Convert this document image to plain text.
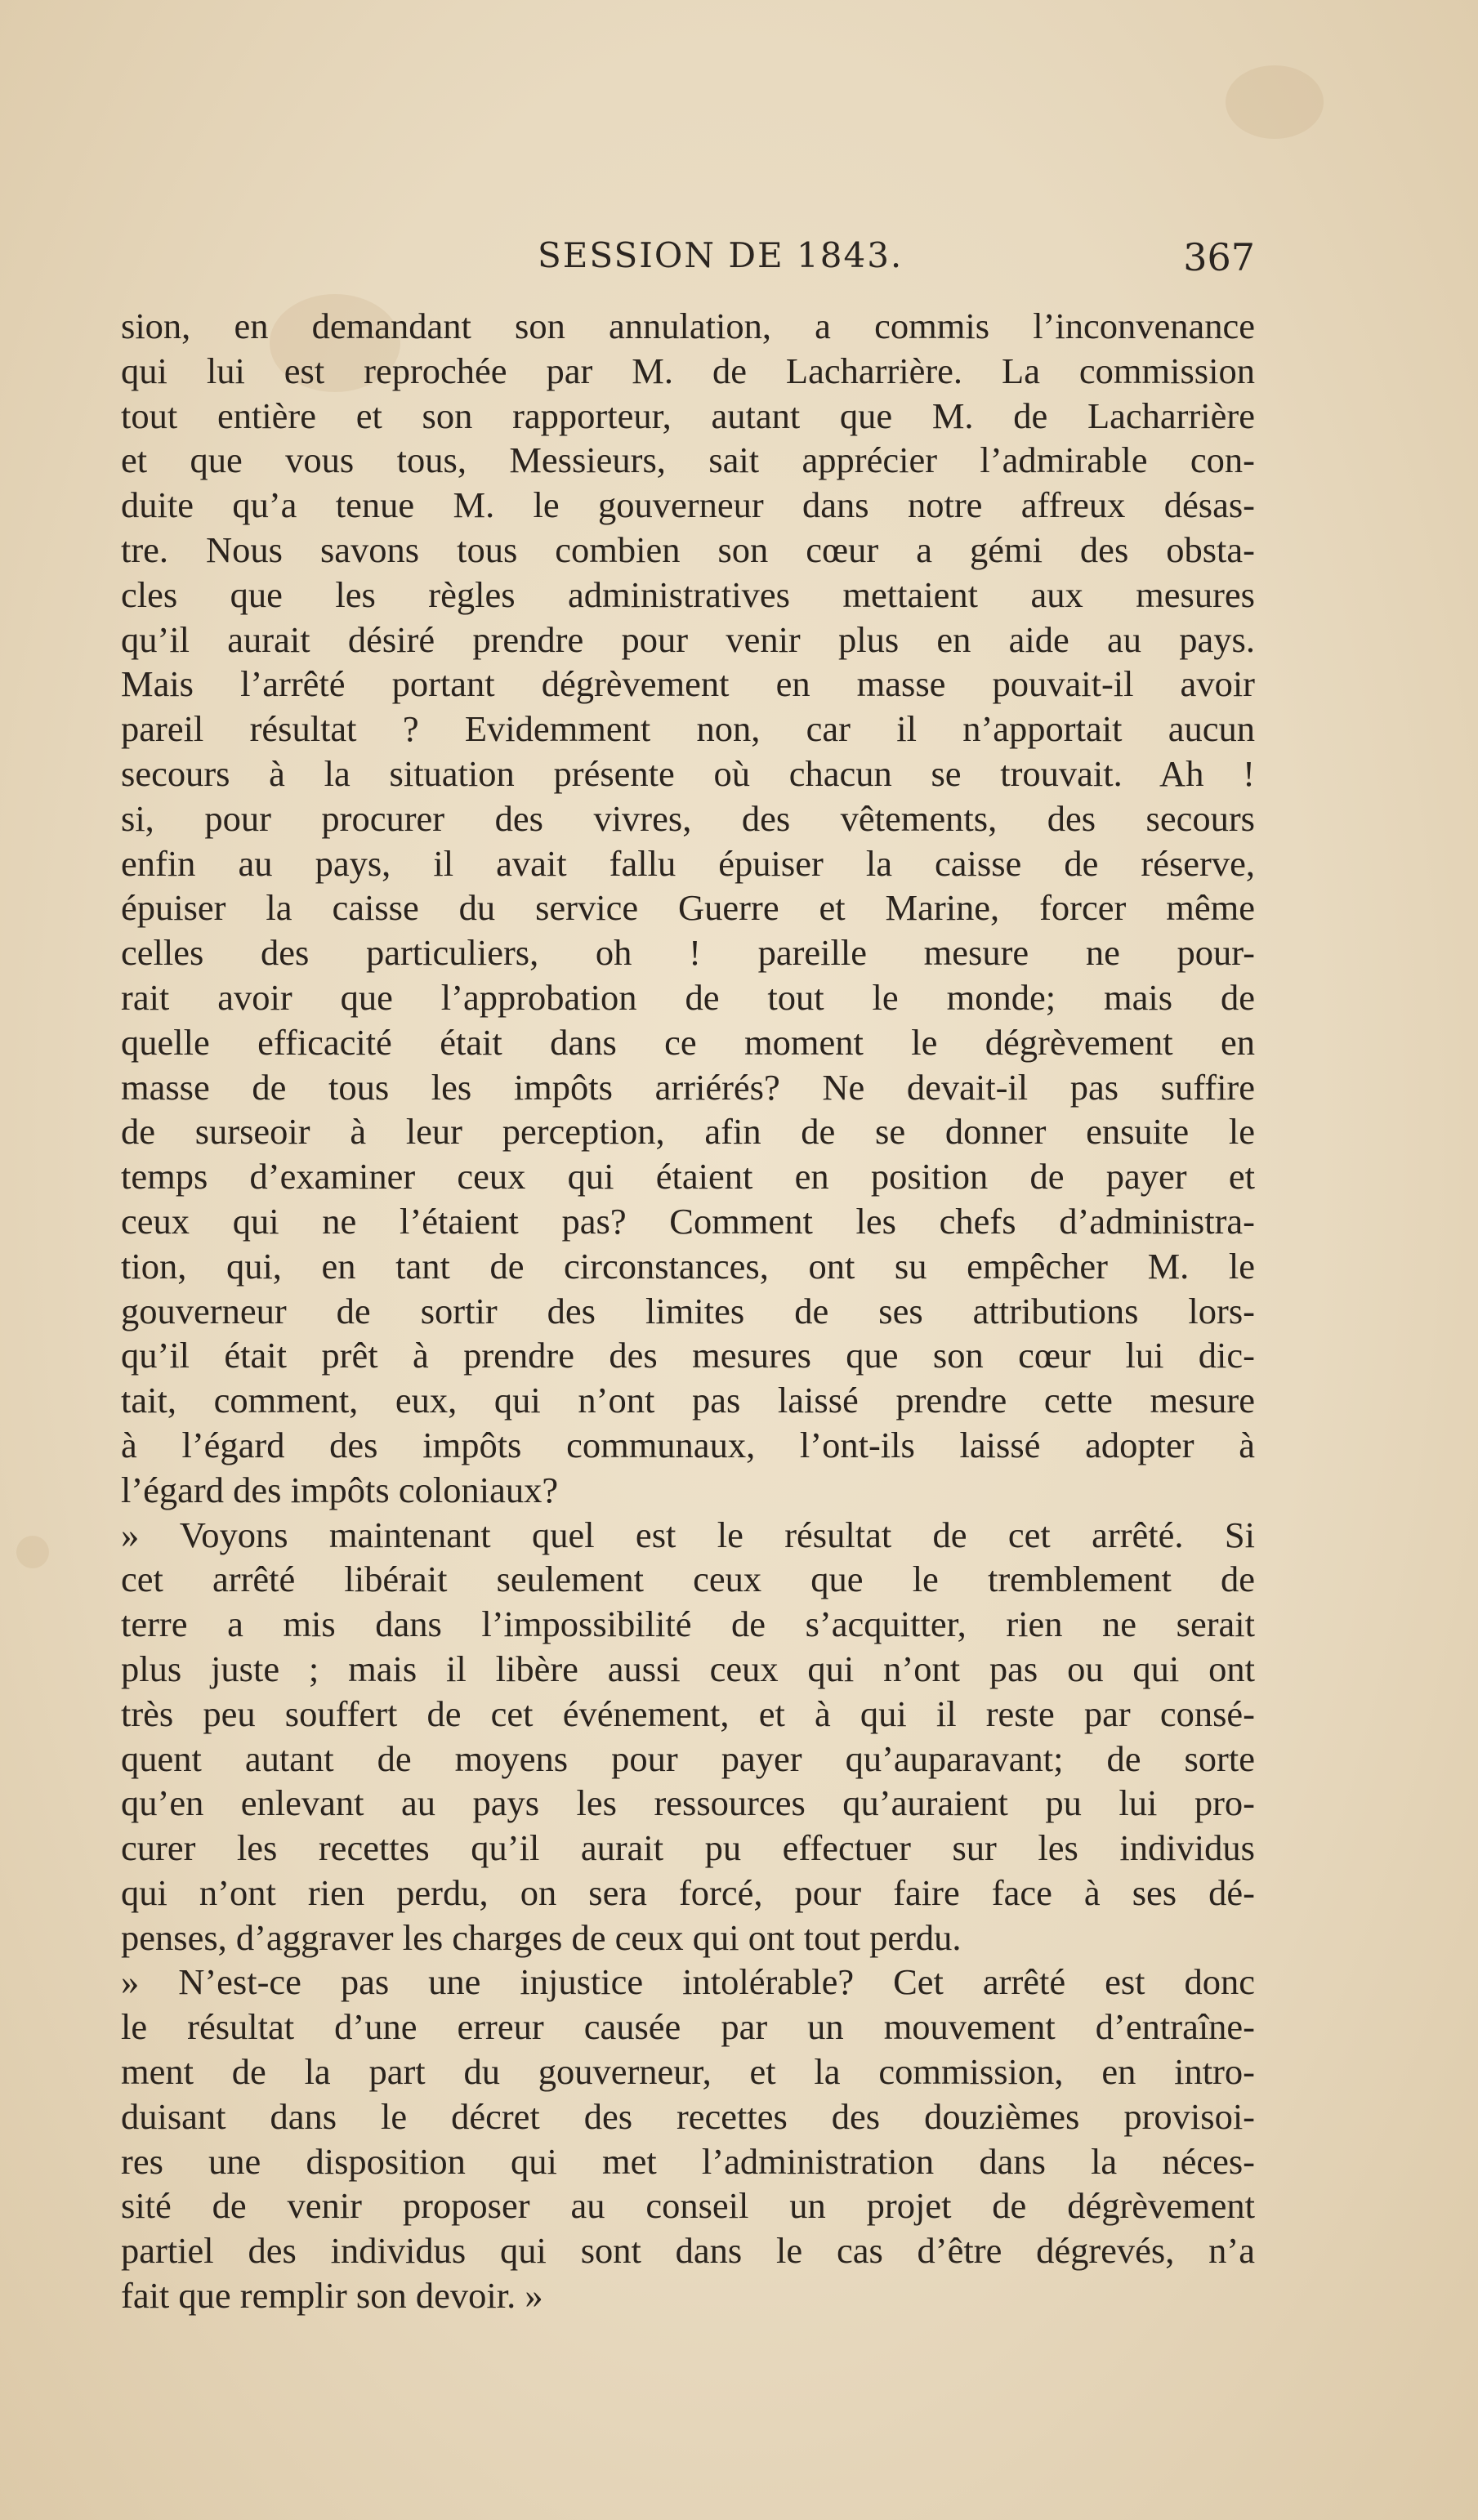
SESSION DE 1843.	367
sion, en demandant son annulation, a commis l’inconvenance
qui lui est reprochée par M. de Lacharrière. La commission
tout entière et son rapporteur, autant que M. de Lacharrière
et que vous tous, Messieurs, sait apprécier l’admirable con-
duite qu’a tenue M. le gouverneur dans notre affreux désas-
tre. Nous savons tous combien son cœur a gémi des obsta-
cles que les règles administratives mettaient aux mesures
qu’il aurait désiré prendre pour venir plus en aide au pays.
Mais l’arrêté portant dégrèvement en masse pouvait-il avoir
pareil résultat ? Evidemment non, car il n’apportait aucun
secours à la situation présente où chacun se trouvait. Ah !
si, pour procurer des vivres, des vêtements, des secours
enfin au pays, il avait fallu épuiser la caisse de réserve,
épuiser la caisse du service Guerre et Marine, forcer même
celles des particuliers, oh ! pareille mesure ne pour-
rait avoir que l’approbation de tout le monde; mais de
quelle efficacité était dans ce moment le dégrèvement en
masse de tous les impôts arriérés? Ne devait-il pas suffire
de surseoir à leur perception, afin de se donner ensuite le
temps d’examiner ceux qui étaient en position de payer et
ceux qui ne l’étaient pas? Comment les chefs d’administra-
tion, qui, en tant de circonstances, ont su empêcher M. le
gouverneur de sortir des limites de ses attributions lors-
qu’il était prêt à prendre des mesures que son cœur lui dic-
tait, comment, eux, qui n’ont pas laissé prendre cette mesure
à l’égard des impôts communaux, l’ont-ils laissé adopter à
l’égard des impôts coloniaux?
» Voyons maintenant quel est le résultat de cet arrêté. Si
cet arrêté libérait seulement ceux que le tremblement de
terre a mis dans l’impossibilité de s’acquitter, rien ne serait
plus juste ; mais il libère aussi ceux qui n’ont pas ou qui ont
très peu souffert de cet événement, et à qui il reste par consé-
quent autant de moyens pour payer qu’auparavant; de sorte
qu’en enlevant au pays les ressources qu’auraient pu lui pro-
curer les recettes qu’il aurait pu effectuer sur les individus
qui n’ont rien perdu, on sera forcé, pour faire face à ses dé-
penses, d’aggraver les charges de ceux qui ont tout perdu.
» N’est-ce pas une injustice intolérable? Cet arrêté est donc
le résultat d’une erreur causée par un mouvement d’entraîne-
ment de la part du gouverneur, et la commission, en intro-
duisant dans le décret des recettes des douzièmes provisoi-
res une disposition qui met l’administration dans la néces-
sité de venir proposer au conseil un projet de dégrèvement
partiel des individus qui sont dans le cas d’être dégrevés, n’a
fait que remplir son devoir. »
